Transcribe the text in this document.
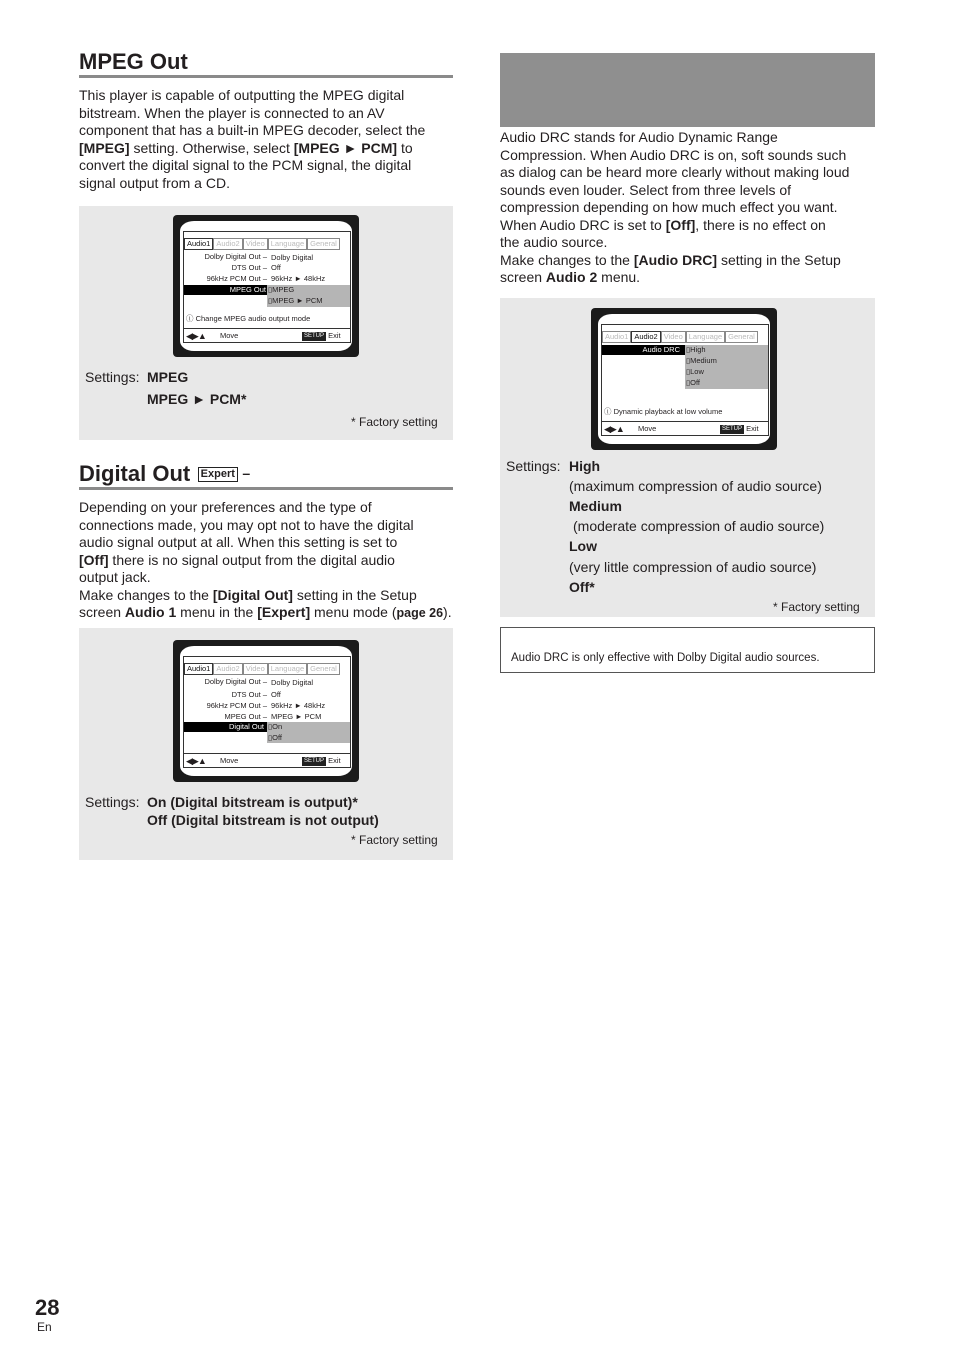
MPEG Out
This player is capable of outputting the MPEG digital
bitstream. When the player is connected to an AV
component that has a built-in MPEG decoder, select the
[MPEG] setting. Otherwise, select [MPEG ► PCM] to
convert the digital signal to the PCM signal, the digital
signal output from a CD.
Audio1 Audio2 Video Language General
Dolby Digital Out – Dolby Digital
DTS Out – Off
96kHz PCM Out – 96kHz ► 48kHz
MPEG Out ▯MPEG
▯MPEG ► PCM
ⓘ Change MPEG audio output mode
◀▶▲ Move	SETUP Exit
Settings: MPEG
MPEG ► PCM*
* Factory setting
Digital Out Expert –
Depending on your preferences and the type of
connections made, you may opt not to have the digital
audio signal output at all. When this setting is set to
[Off] there is no signal output from the digital audio
output jack.
Make changes to the [Digital Out] setting in the Setup
screen Audio 1 menu in the [Expert] menu mode (page 26).
Audio1 Audio2 Video Language General
Dolby Digital Out – Dolby Digital
DTS Out – Off
96kHz PCM Out – 96kHz ► 48kHz
MPEG Out – MPEG ► PCM
Digital Out ▯On
▯Off
◀▶▲ Move	SETUP Exit
Settings: On (Digital bitstream is output)*
Off (Digital bitstream is not output)
* Factory setting
Audio DRC stands for Audio Dynamic Range
Compression. When Audio DRC is on, soft sounds such
as dialog can be heard more clearly without making loud
sounds even louder. Select from three levels of
compression depending on how much effect you want.
When Audio DRC is set to [Off], there is no effect on
the audio source.
Make changes to the [Audio DRC] setting in the Setup
screen Audio 2 menu.
Audio1 Audio2 Video Language General
Audio DRC ▯High
▯Medium
▯Low
▯Off
ⓘ Dynamic playback at low volume
◀▶▲ Move	SETUP Exit
Settings: High
(maximum compression of audio source)
Medium
(moderate compression of audio source)
Low
(very little compression of audio source)
Off*
* Factory setting
Audio DRC is only effective with Dolby Digital audio sources.
28
En
